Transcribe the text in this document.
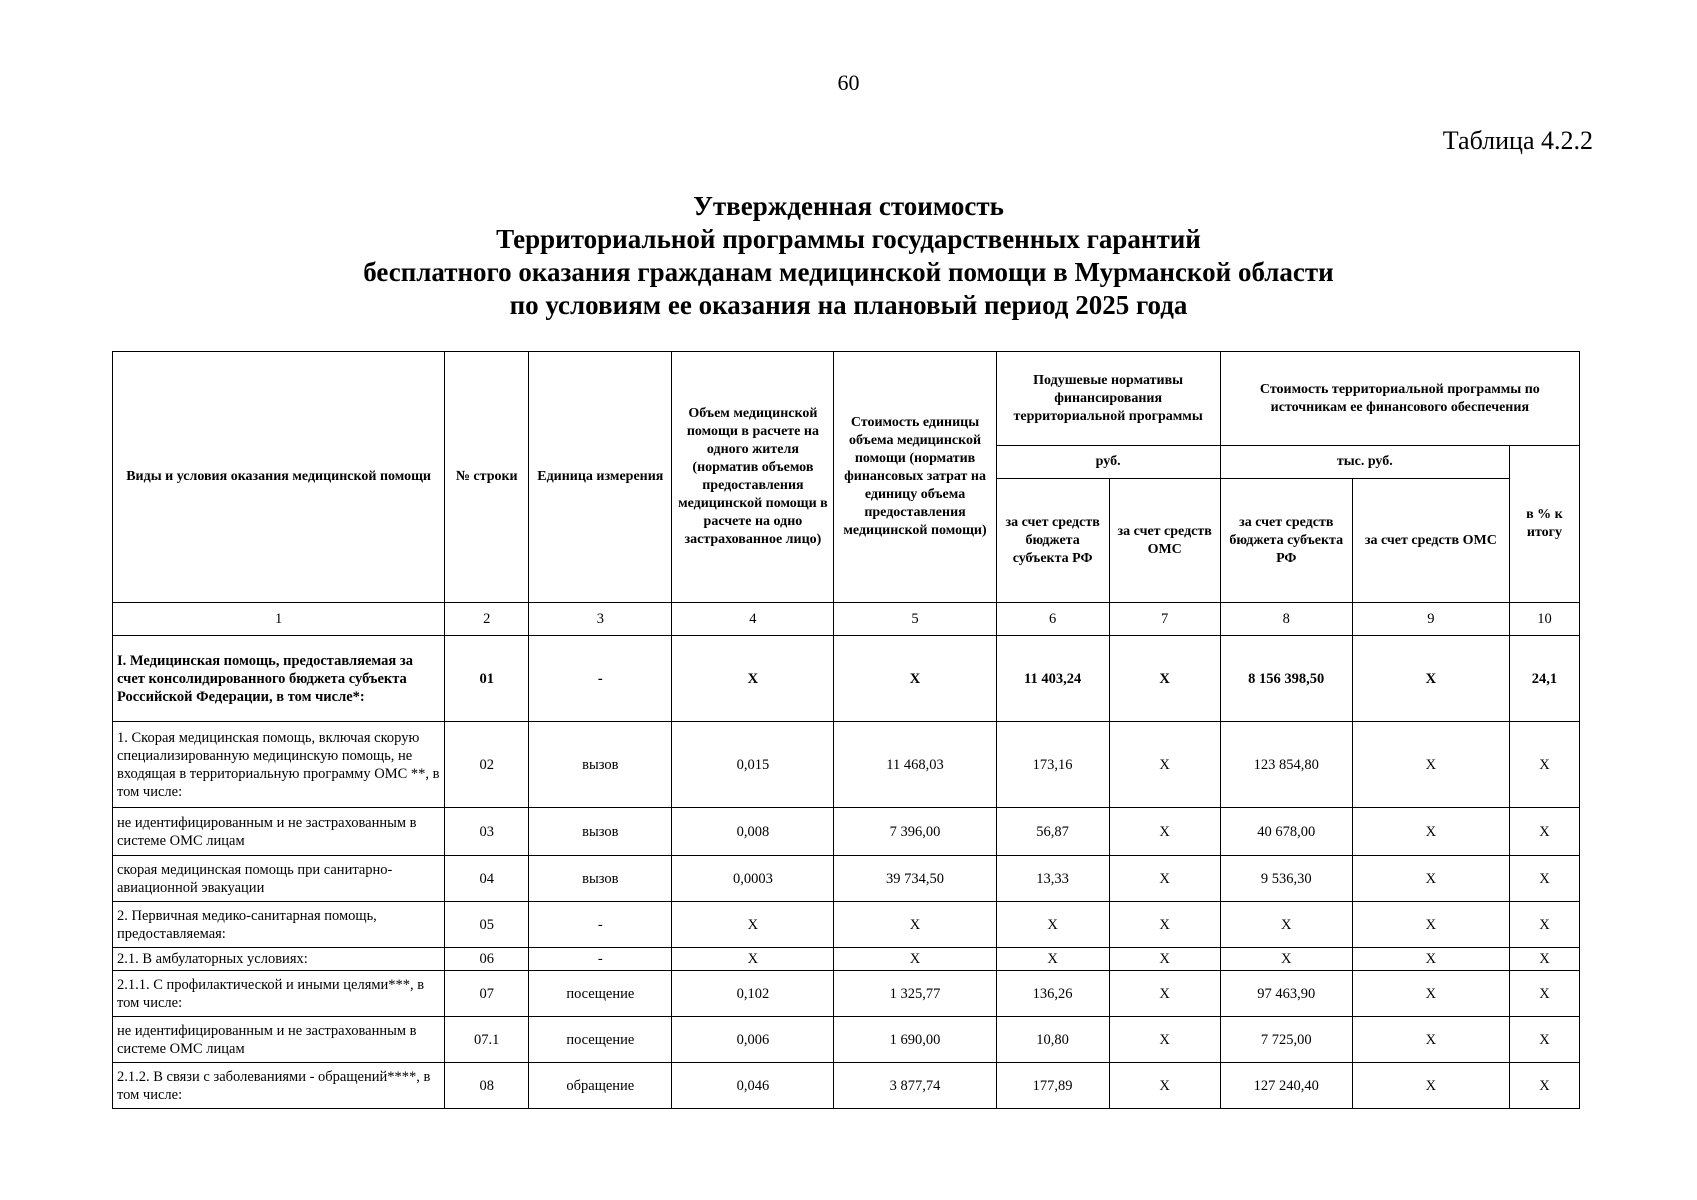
60
Таблица 4.2.2
Утвержденная стоимость
Территориальной программы государственных гарантий
бесплатного оказания гражданам медицинской помощи в Мурманской области
по условиям ее оказания на плановый период 2025 года
Виды и условия оказания медицинской помощи	№ строки	Единица измерения	Объем медицинской помощи в расчете на одного жителя (норматив объемов предоставления медицинской помощи в расчете на одно застрахованное лицо)	Стоимость единицы объема медицинской помощи (норматив финансовых затрат на единицу объема предоставления медицинской помощи)	Подушевые нормативы финансирования территориальной программы		Стоимость территориальной программы по источникам ее финансового обеспечения		
					руб.		тыс. руб.		в % к итогу
					за счет средств бюджета субъекта РФ	за счет средств ОМС	за счет средств бюджета субъекта РФ	за счет средств ОМС	
1	2	3	4	5	6	7	8	9	10
I. Медицинская помощь, предоставляемая за счет консолидированного бюджета субъекта Российской Федерации, в том числе*:	01	-	X	X	11 403,24	X	8 156 398,50	X	24,1
1. Скорая медицинская помощь, включая скорую специализированную медицинскую помощь, не входящая в территориальную программу ОМС **, в том числе:	02	вызов	0,015	11 468,03	173,16	X	123 854,80	X	X
не идентифицированным и не застрахованным в системе ОМС лицам	03	вызов	0,008	7 396,00	56,87	X	40 678,00	X	X
скорая медицинская помощь при санитарно-авиационной эвакуации	04	вызов	0,0003	39 734,50	13,33	X	9 536,30	X	X
2. Первичная медико-санитарная помощь, предоставляемая:	05	-	X	X	X	X	X	X	X
2.1. В амбулаторных условиях:	06	-	X	X	X	X	X	X	X
2.1.1. С профилактической и иными целями***, в том числе:	07	посещение	0,102	1 325,77	136,26	X	97 463,90	X	X
не идентифицированным и не застрахованным в системе ОМС лицам	07.1	посещение	0,006	1 690,00	10,80	X	7 725,00	X	X
2.1.2. В связи с заболеваниями - обращений****, в том числе:	08	обращение	0,046	3 877,74	177,89	X	127 240,40	X	X
